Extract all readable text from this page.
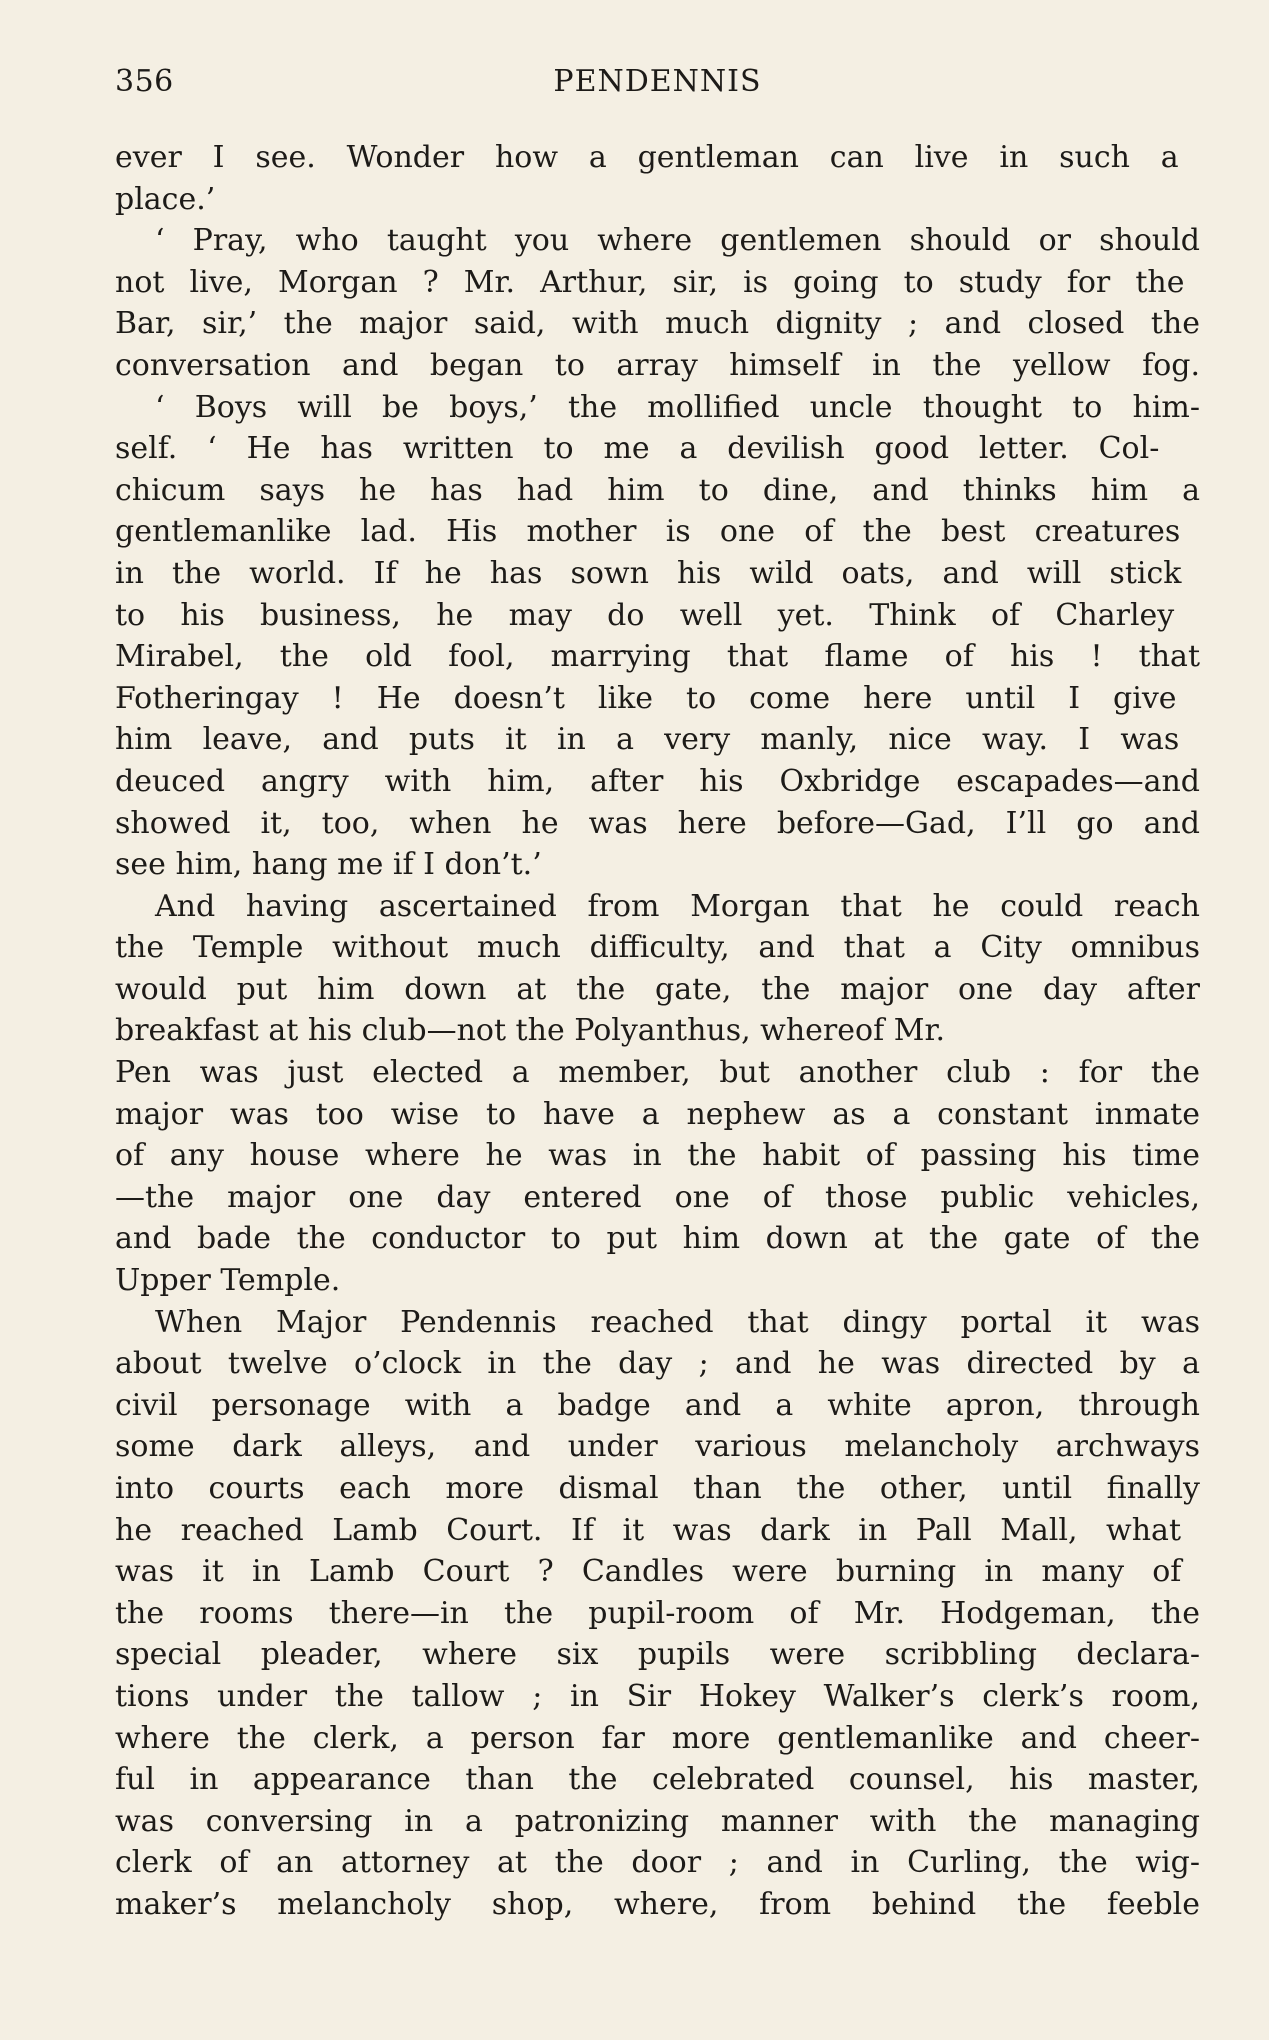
356	PENDENNIS
ever I see. Wonder how a gentleman can live in such a
place.’
‘ Pray, who taught you where gentlemen should or should
not live, Morgan ? Mr. Arthur, sir, is going to study for the
Bar, sir,’ the major said, with much dignity ; and closed the
conversation and began to array himself in the yellow fog.
‘ Boys will be boys,’ the mollified uncle thought to him-
self. ‘ He has written to me a devilish good letter. Col-
chicum says he has had him to dine, and thinks him a
gentlemanlike lad. His mother is one of the best creatures
in the world. If he has sown his wild oats, and will stick
to his business, he may do well yet. Think of Charley
Mirabel, the old fool, marrying that flame of his ! that
Fotheringay ! He doesn’t like to come here until I give
him leave, and puts it in a very manly, nice way. I was
deuced angry with him, after his Oxbridge escapades—and
showed it, too, when he was here before—Gad, I’ll go and
see him, hang me if I don’t.’
And having ascertained from Morgan that he could reach
the Temple without much difficulty, and that a City omnibus
would put him down at the gate, the major one day after
breakfast at his club—not the Polyanthus, whereof Mr.
Pen was just elected a member, but another club : for the
major was too wise to have a nephew as a constant inmate
of any house where he was in the habit of passing his time
—the major one day entered one of those public vehicles,
and bade the conductor to put him down at the gate of the
Upper Temple.
When Major Pendennis reached that dingy portal it was
about twelve o’clock in the day ; and he was directed by a
civil personage with a badge and a white apron, through
some dark alleys, and under various melancholy archways
into courts each more dismal than the other, until finally
he reached Lamb Court. If it was dark in Pall Mall, what
was it in Lamb Court ? Candles were burning in many of
the rooms there—in the pupil-room of Mr. Hodgeman, the
special pleader, where six pupils were scribbling declara-
tions under the tallow ; in Sir Hokey Walker’s clerk’s room,
where the clerk, a person far more gentlemanlike and cheer-
ful in appearance than the celebrated counsel, his master,
was conversing in a patronizing manner with the managing
clerk of an attorney at the door ; and in Curling, the wig-
maker’s melancholy shop, where, from behind the feeble
